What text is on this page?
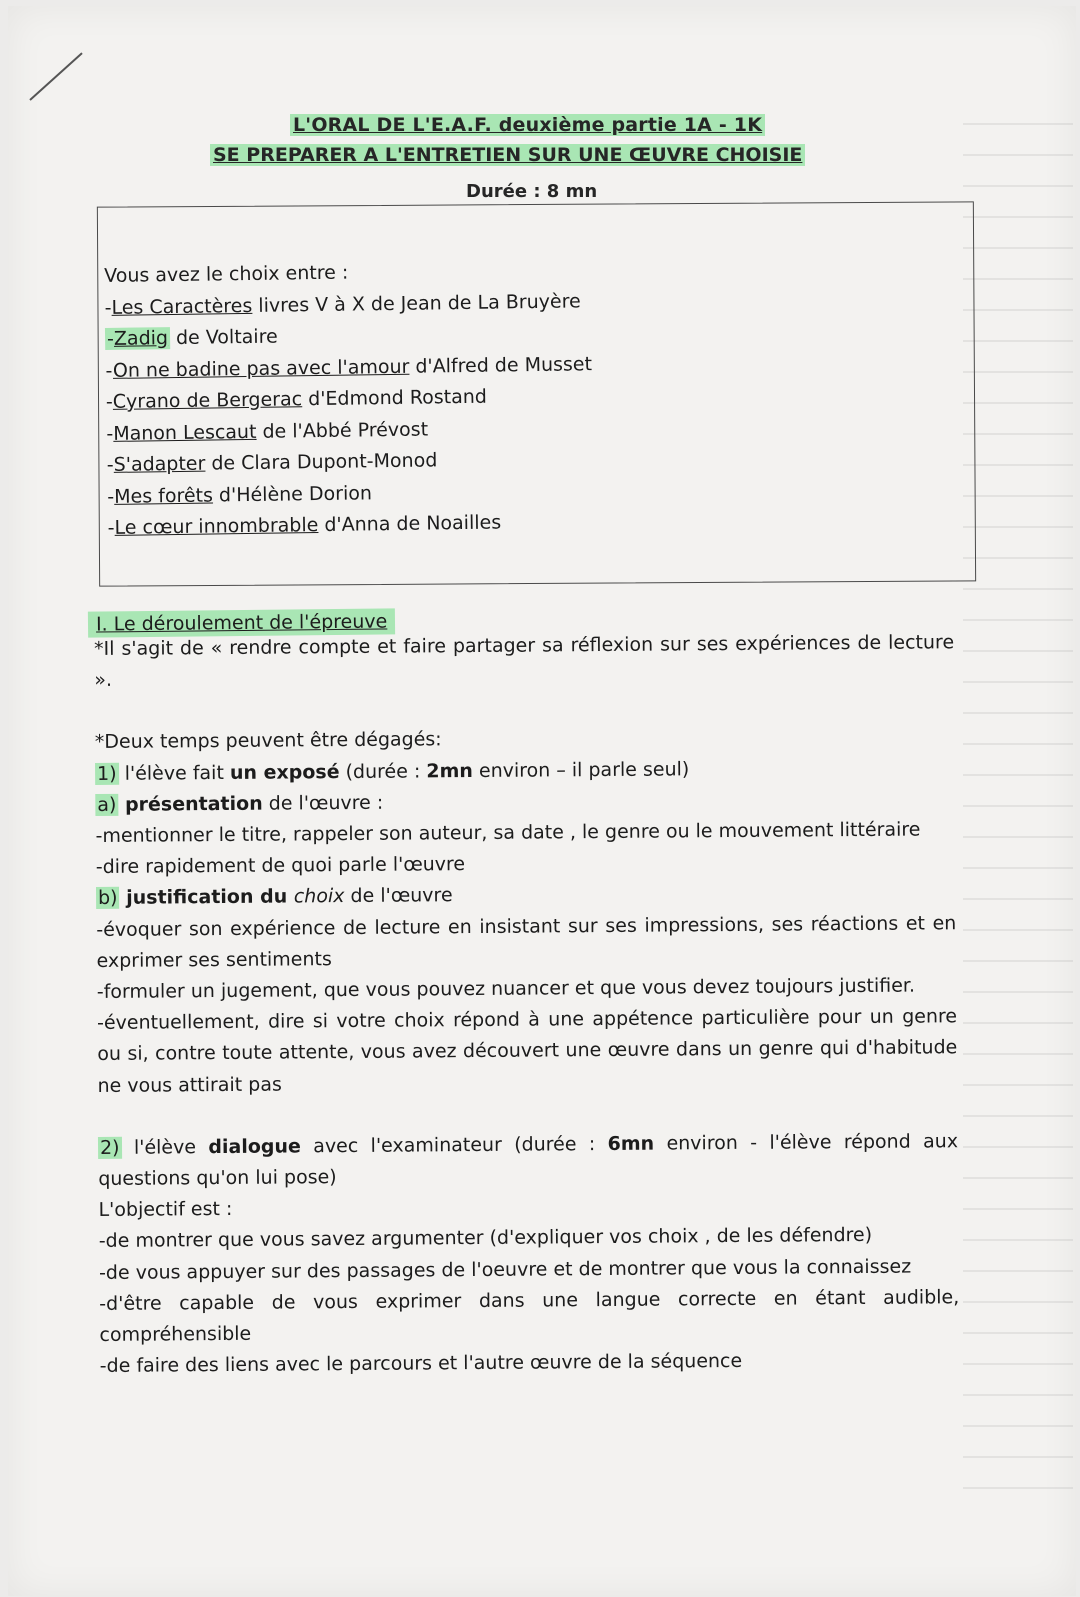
L'ORAL DE L'E.A.F. deuxième partie 1A - 1K
SE PREPARER A L'ENTRETIEN SUR UNE ŒUVRE CHOISIE
Durée : 8 mn
Vous avez le choix entre :
-Les Caractères livres V à X de Jean de La Bruyère
-Zadig de Voltaire
-On ne badine pas avec l'amour d'Alfred de Musset
-Cyrano de Bergerac d'Edmond Rostand
-Manon Lescaut de l'Abbé Prévost
-S'adapter de Clara Dupont-Monod
-Mes forêts d'Hélène Dorion
-Le cœur innombrable d'Anna de Noailles
I. Le déroulement de l'épreuve

*Il s'agit de « rendre compte et faire partager sa réflexion sur ses expériences de lecture ».

*Deux temps peuvent être dégagés:

1) l'élève fait un exposé (durée : 2mn environ – il parle seul)

a) présentation de l'œuvre :

-mentionner le titre, rappeler son auteur, sa date , le genre ou le mouvement littéraire

-dire rapidement de quoi parle l'œuvre

b) justification du choix de l'œuvre

-évoquer son expérience de lecture en insistant sur ses impressions, ses réactions et en exprimer ses sentiments

-formuler un jugement, que vous pouvez nuancer et que vous devez toujours justifier.

-éventuellement, dire si votre choix répond à une appétence particulière pour un genre ou si, contre toute attente, vous avez découvert une œuvre dans un genre qui d'habitude ne vous attirait pas

2) l'élève dialogue avec l'examinateur (durée : 6mn environ - l'élève répond aux questions qu'on lui pose)

L'objectif est :

-de montrer que vous savez argumenter (d'expliquer vos choix , de les défendre)

-de vous appuyer sur des passages de l'oeuvre et de montrer que vous la connaissez

-d'être capable de vous exprimer dans une langue correcte en étant audible, compréhensible

-de faire des liens avec le parcours et l'autre œuvre de la séquence
